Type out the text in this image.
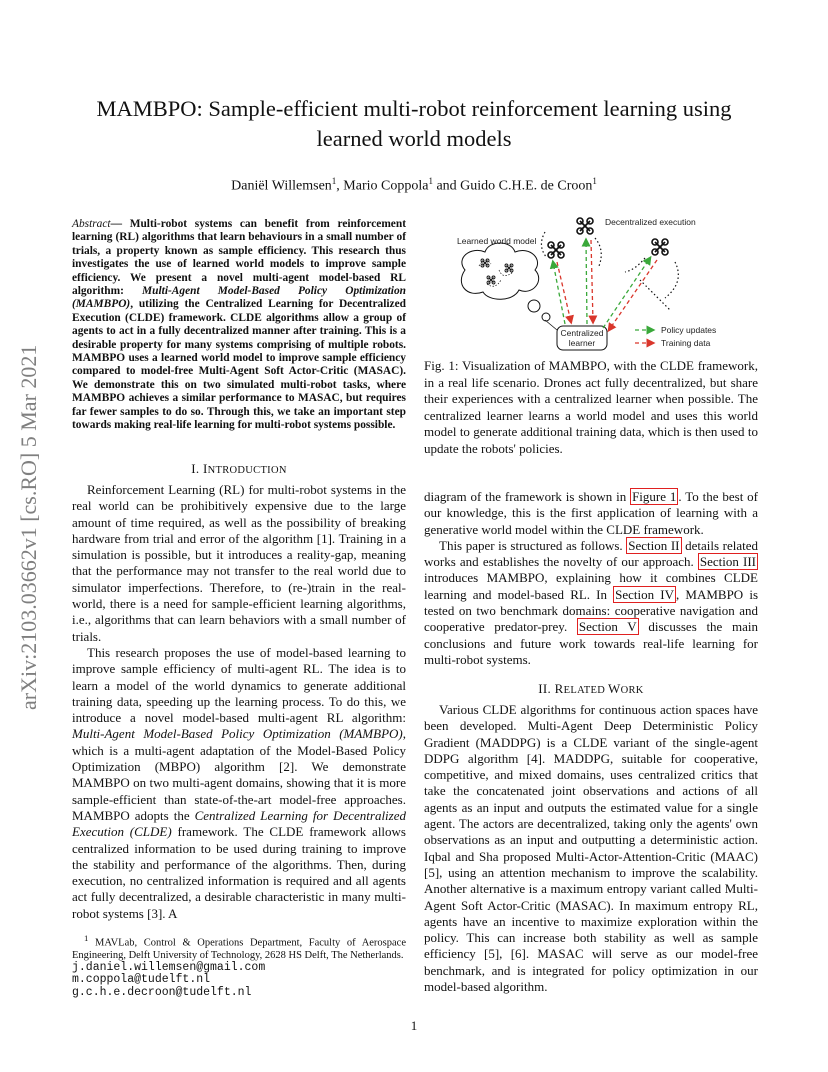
MAMBPO: Sample-efficient multi-robot reinforcement learning using
learned world models
Daniël Willemsen$^1$, Mario Coppola$^1$ and Guido C.H.E. de Croon$^1$
arXiv:2103.03662v1 [cs.RO] 5 Mar 2021
Abstract— Multi-robot systems can benefit from reinforcement learning (RL) algorithms that learn behaviours in a small number of trials, a property known as sample efficiency. This research thus investigates the use of learned world models to improve sample efficiency. We present a novel multi-agent model-based RL algorithm: Multi-Agent Model-Based Policy Optimization (MAMBPO), utilizing the Centralized Learning for Decentralized Execution (CLDE) framework. CLDE algorithms allow a group of agents to act in a fully decentralized manner after training. This is a desirable property for many systems comprising of multiple robots. MAMBPO uses a learned world model to improve sample efficiency compared to model-free Multi-Agent Soft Actor-Critic (MASAC). We demonstrate this on two simulated multi-robot tasks, where MAMBPO achieves a similar performance to MASAC, but requires far fewer samples to do so. Through this, we take an important step towards making real-life learning for multi-robot systems possible.
I. INTRODUCTION

Reinforcement Learning (RL) for multi-robot systems in the real world can be prohibitively expensive due to the large amount of time required, as well as the possibility of breaking hardware from trial and error of the algorithm [1]. Training in a simulation is possible, but it introduces a reality-gap, meaning that the performance may not transfer to the real world due to simulator imperfections. Therefore, to (re-)train in the real-world, there is a need for sample-efficient learning algorithms, i.e., algorithms that can learn behaviors with a small number of trials.

This research proposes the use of model-based learning to improve sample efficiency of multi-agent RL. The idea is to learn a model of the world dynamics to generate additional training data, speeding up the learning process. To do this, we introduce a novel model-based multi-agent RL algorithm: Multi-Agent Model-Based Policy Optimization (MAMBPO), which is a multi-agent adaptation of the Model-Based Policy Optimization (MBPO) algorithm [2]. We demonstrate MAMBPO on two multi-agent domains, showing that it is more sample-efficient than state-of-the-art model-free approaches. MAMBPO adopts the Centralized Learning for Decentralized Execution (CLDE) framework. The CLDE framework allows centralized information to be used during training to improve the stability and performance of the algorithms. Then, during execution, no centralized information is required and all agents act fully decentralized, a desirable characteristic in many multi-robot systems [3]. A

$^1$ MAVLab, Control & Operations Department, Faculty of Aerospace Engineering, Delft University of Technology, 2628 HS Delft, The Netherlands.
j.daniel.willemsen@gmail.com
m.coppola@tudelft.nl
g.c.h.e.decroon@tudelft.nl
Learned world model
Decentralized execution
Centralized
learner
Policy updates
Training data
Fig. 1: Visualization of MAMBPO, with the CLDE framework, in a real life scenario. Drones act fully decentralized, but share their experiences with a centralized learner when possible. The centralized learner learns a world model and uses this world model to generate additional training data, which is then used to update the robots' policies.

diagram of the framework is shown in Figure 1 . To the best of our knowledge, this is the first application of learning with a generative world model within the CLDE framework.

This paper is structured as follows. Section II details related works and establishes the novelty of our approach. Section III introduces MAMBPO, explaining how it combines CLDE learning and model-based RL. In Section IV , MAMBPO is tested on two benchmark domains: cooperative navigation and cooperative predator-prey. Section V discusses the main conclusions and future work towards real-life learning for multi-robot systems.

II. RELATED WORK

Various CLDE algorithms for continuous action spaces have been developed. Multi-Agent Deep Deterministic Policy Gradient (MADDPG) is a CLDE variant of the single-agent DDPG algorithm [4]. MADDPG, suitable for cooperative, competitive, and mixed domains, uses centralized critics that take the concatenated joint observations and actions of all agents as an input and outputs the estimated value for a single agent. The actors are decentralized, taking only the agents' own observations as an input and outputting a deterministic action. Iqbal and Sha proposed Multi-Actor-Attention-Critic (MAAC) [5], using an attention mechanism to improve the scalability. Another alternative is a maximum entropy variant called Multi-Agent Soft Actor-Critic (MASAC). In maximum entropy RL, agents have an incentive to maximize exploration within the policy. This can increase both stability as well as sample efficiency [5], [6]. MASAC will serve as our model-free benchmark, and is integrated for policy optimization in our model-based algorithm.

1
